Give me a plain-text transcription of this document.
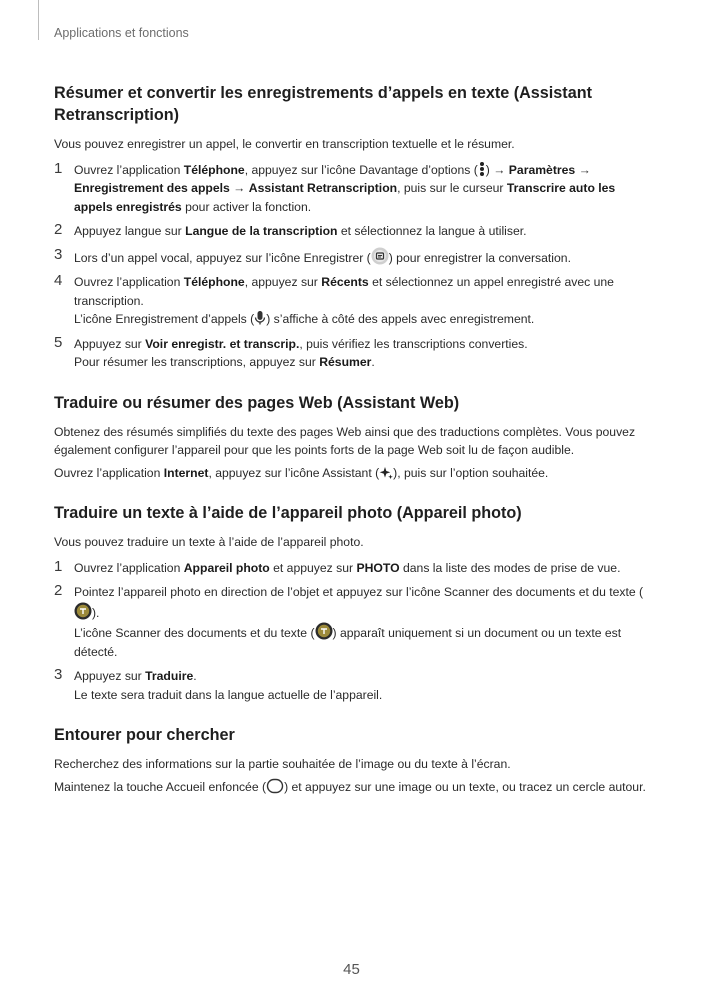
Applications et fonctions
Résumer et convertir les enregistrements d’appels en texte (Assistant Retranscription)

Vous pouvez enregistrer un appel, le convertir en transcription textuelle et le résumer.

1 Ouvrez l’application Téléphone, appuyez sur l’icône Davantage d’options ( ) → Paramètres → Enregistrement des appels → Assistant Retranscription, puis sur le curseur Transcrire auto les appels enregistrés pour activer la fonction.
2 Appuyez langue sur Langue de la transcription et sélectionnez la langue à utiliser.
3 Lors d’un appel vocal, appuyez sur l’icône Enregistrer ( ) pour enregistrer la conversation.
4 Ouvrez l’application Téléphone, appuyez sur Récents et sélectionnez un appel enregistré avec une transcription.
L’icône Enregistrement d’appels ( ) s’affiche à côté des appels avec enregistrement.
5 Appuyez sur Voir enregistr. et transcrip., puis vérifiez les transcriptions converties.
Pour résumer les transcriptions, appuyez sur Résumer.
Traduire ou résumer des pages Web (Assistant Web)

Obtenez des résumés simplifiés du texte des pages Web ainsi que des traductions complètes. Vous pouvez également configurer l’appareil pour que les points forts de la page Web soit lu de façon audible.

Ouvrez l’application Internet, appuyez sur l’icône Assistant ( ), puis sur l’option souhaitée.

Traduire un texte à l’aide de l’appareil photo (Appareil photo)

Vous pouvez traduire un texte à l’aide de l’appareil photo.

1 Ouvrez l’application Appareil photo et appuyez sur PHOTO dans la liste des modes de prise de vue.
2 Pointez l’appareil photo en direction de l’objet et appuyez sur l’icône Scanner des documents et du texte ().
L’icône Scanner des documents et du texte ( ) apparaît uniquement si un document ou un texte est détecté.
3 Appuyez sur Traduire.
Le texte sera traduit dans la langue actuelle de l’appareil.
Entourer pour chercher

Recherchez des informations sur la partie souhaitée de l’image ou du texte à l’écran.

Maintenez la touche Accueil enfoncée ( ) et appuyez sur une image ou un texte, ou tracez un cercle autour.

45
